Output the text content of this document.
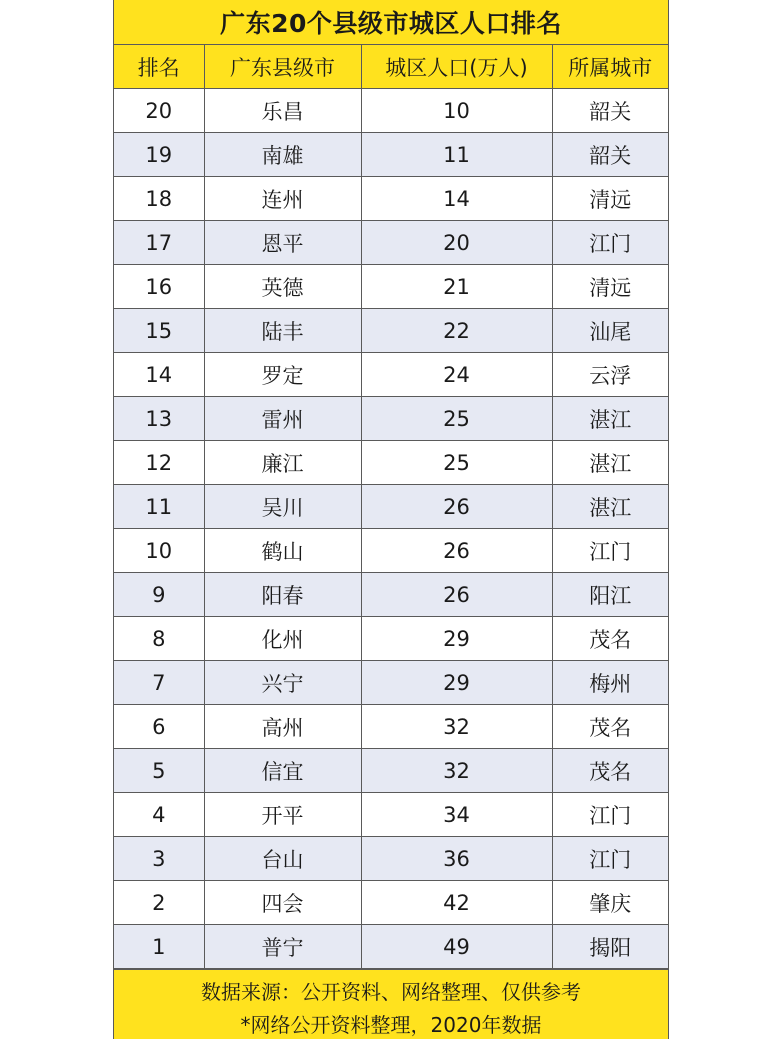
广东20个县级市城区人口排名
排名	广东县级市	城区人口(万人)	所属城市
20	乐昌	10	韶关
19	南雄	11	韶关
18	连州	14	清远
17	恩平	20	江门
16	英德	21	清远
15	陆丰	22	汕尾
14	罗定	24	云浮
13	雷州	25	湛江
12	廉江	25	湛江
11	吴川	26	湛江
10	鹤山	26	江门
9	阳春	26	阳江
8	化州	29	茂名
7	兴宁	29	梅州
6	高州	32	茂名
5	信宜	32	茂名
4	开平	34	江门
3	台山	36	江门
2	四会	42	肇庆
1	普宁	49	揭阳
数据来源：公开资料、网络整理、仅供参考
*网络公开资料整理，2020年数据
